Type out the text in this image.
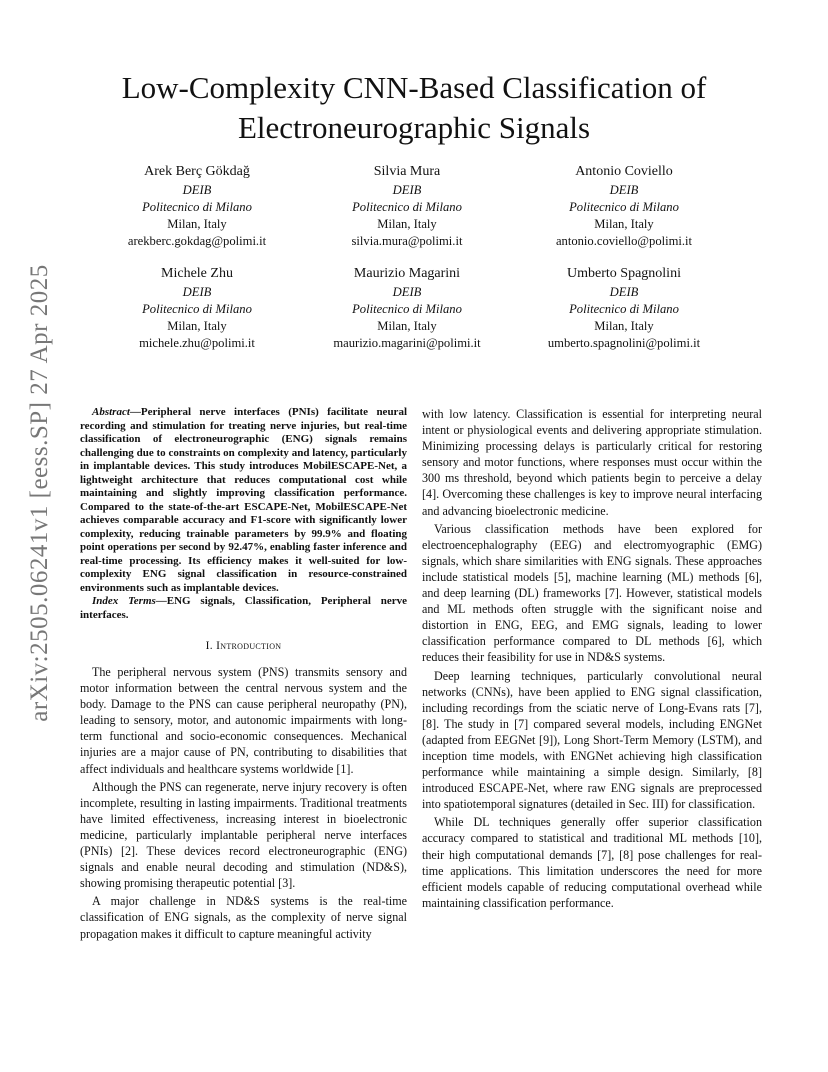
arXiv:2505.06241v1 [eess.SP] 27 Apr 2025
Low-Complexity CNN-Based Classification of
Electroneurographic Signals
Arek Berç Gökdağ
DEIB
Politecnico di Milano
Milan, Italy
arekberc.gokdag@polimi.it
Silvia Mura
DEIB
Politecnico di Milano
Milan, Italy
silvia.mura@polimi.it
Antonio Coviello
DEIB
Politecnico di Milano
Milan, Italy
antonio.coviello@polimi.it
Michele Zhu
DEIB
Politecnico di Milano
Milan, Italy
michele.zhu@polimi.it
Maurizio Magarini
DEIB
Politecnico di Milano
Milan, Italy
maurizio.magarini@polimi.it
Umberto Spagnolini
DEIB
Politecnico di Milano
Milan, Italy
umberto.spagnolini@polimi.it

Abstract—Peripheral nerve interfaces (PNIs) facilitate neural recording and stimulation for treating nerve injuries, but real-time classification of electroneurographic (ENG) signals remains challenging due to constraints on complexity and latency, particularly in implantable devices. This study introduces MobilESCAPE-Net, a lightweight architecture that reduces computational cost while maintaining and slightly improving classification performance. Compared to the state-of-the-art ESCAPE-Net, MobilESCAPE-Net achieves comparable accuracy and F1-score with significantly lower complexity, reducing trainable parameters by 99.9% and floating point operations per second by 92.47%, enabling faster inference and real-time processing. Its efficiency makes it well-suited for low-complexity ENG signal classification in resource-constrained environments such as implantable devices.

Index Terms—ENG signals, Classification, Peripheral nerve interfaces.

I. Introduction

The peripheral nervous system (PNS) transmits sensory and motor information between the central nervous system and the body. Damage to the PNS can cause peripheral neuropathy (PN), leading to sensory, motor, and autonomic impairments with long-term functional and socio-economic consequences. Mechanical injuries are a major cause of PN, contributing to disabilities that affect individuals and healthcare systems worldwide [1].

Although the PNS can regenerate, nerve injury recovery is often incomplete, resulting in lasting impairments. Traditional treatments have limited effectiveness, increasing interest in bioelectronic medicine, particularly implantable peripheral nerve interfaces (PNIs) [2]. These devices record electroneurographic (ENG) signals and enable neural decoding and stimulation (ND&S), showing promising therapeutic potential [3].

A major challenge in ND&S systems is the real-time classification of ENG signals, as the complexity of nerve signal propagation makes it difficult to capture meaningful activity

with low latency. Classification is essential for interpreting neural intent or physiological events and delivering appropriate stimulation. Minimizing processing delays is particularly critical for restoring sensory and motor functions, where responses must occur within the 300 ms threshold, beyond which patients begin to perceive a delay [4]. Overcoming these challenges is key to improve neural interfacing and advancing bioelectronic medicine.

Various classification methods have been explored for electroencephalography (EEG) and electromyographic (EMG) signals, which share similarities with ENG signals. These approaches include statistical models [5], machine learning (ML) methods [6], and deep learning (DL) frameworks [7]. However, statistical models and ML methods often struggle with the significant noise and distortion in ENG, EEG, and EMG signals, leading to lower classification performance compared to DL methods [6], which reduces their feasibility for use in ND&S systems.

Deep learning techniques, particularly convolutional neural networks (CNNs), have been applied to ENG signal classification, including recordings from the sciatic nerve of Long-Evans rats [7], [8]. The study in [7] compared several models, including ENGNet (adapted from EEGNet [9]), Long Short-Term Memory (LSTM), and inception time models, with ENGNet achieving high classification performance while maintaining a simple design. Similarly, [8] introduced ESCAPE-Net, where raw ENG signals are preprocessed into spatiotemporal signatures (detailed in Sec. III) for classification.

While DL techniques generally offer superior classification accuracy compared to statistical and traditional ML methods [10], their high computational demands [7], [8] pose challenges for real-time applications. This limitation underscores the need for more efficient models capable of reducing computational overhead while maintaining classification performance.
